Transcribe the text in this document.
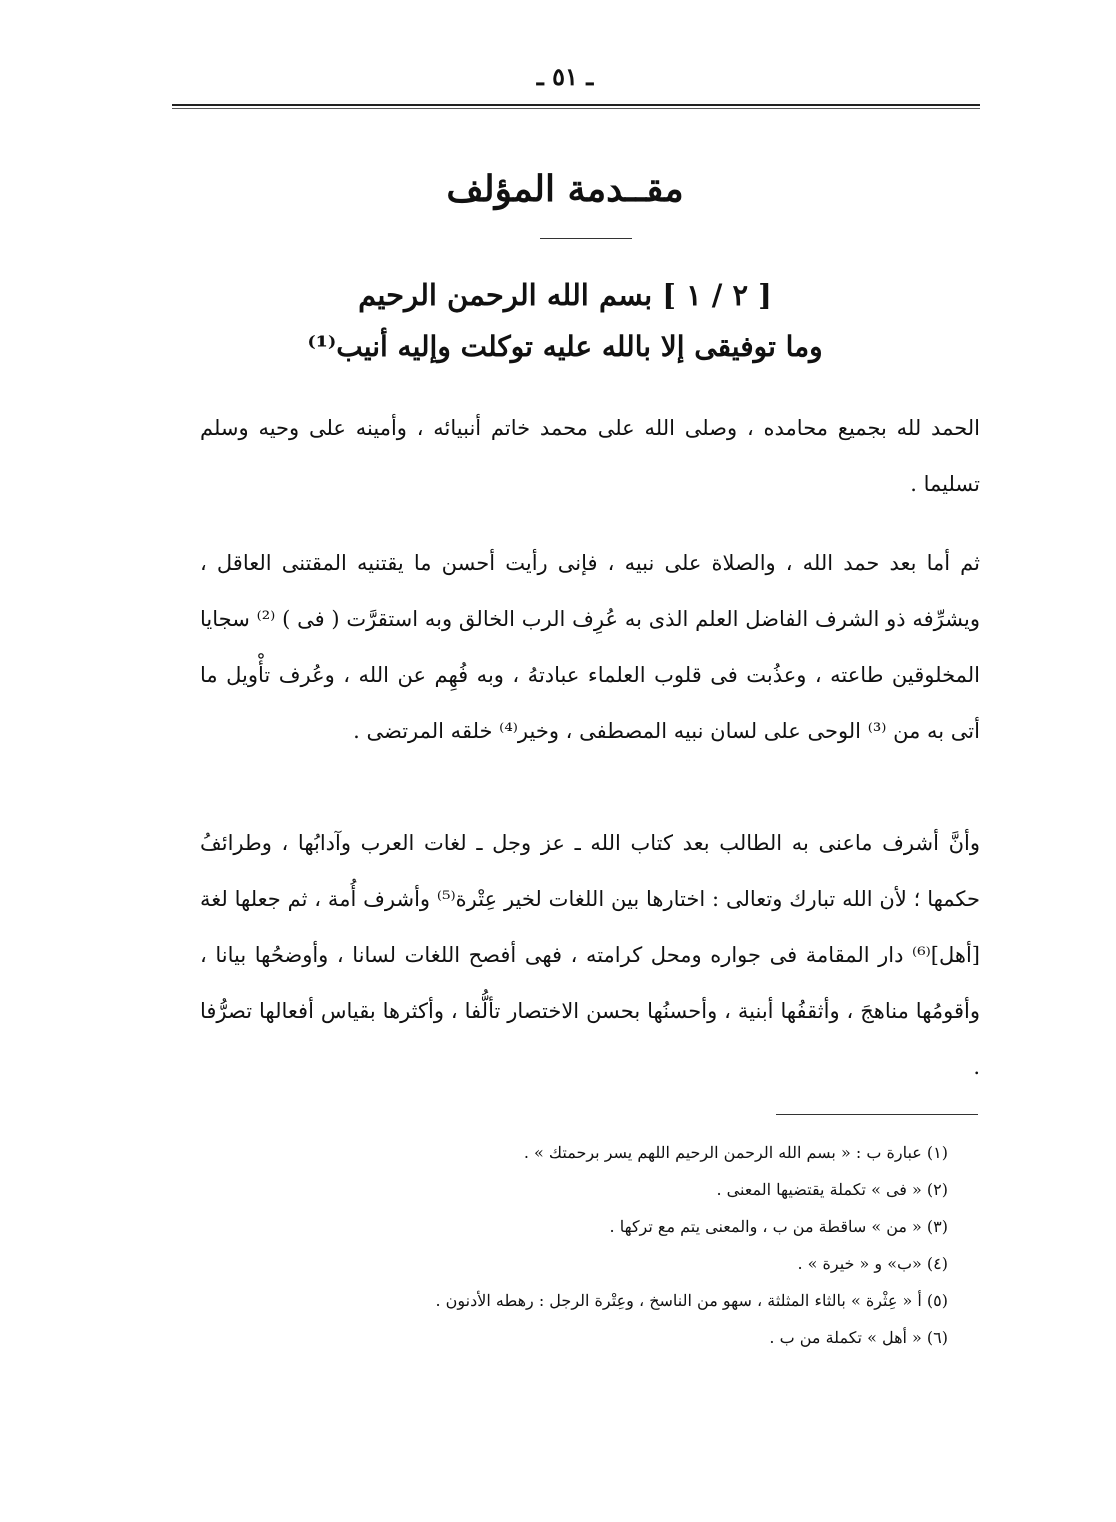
ـ ٥١ ـ
مقــدمة المؤلف
[ ٢ / ١ ] بسم الله الرحمن الرحيم
وما توفيقى إلا بالله عليه توكلت وإليه أنيب⁽¹⁾

الحمد لله بجميع محامده ، وصلى الله على محمد خاتم أنبيائه ، وأمينه على وحيه وسلم تسليما .

ثم أما بعد حمد الله ، والصلاة على نبيه ، فإنى رأيت أحسن ما يقتنيه المقتنى العاقل ، ويشرِّفه ذو الشرف الفاضل العلم الذى به عُرِف الرب الخالق وبه استقرَّت ( فى ) ⁽²⁾ سجايا المخلوقين طاعته ، وعذُبت فى قلوب العلماء عبادتهُ ، وبه فُهِم عن الله ، وعُرف تأْويل ما أتى به من ⁽³⁾ الوحى على لسان نبيه المصطفى ، وخير⁽⁴⁾ خلقه المرتضى .

وأنَّ أشرف ماعنى به الطالب بعد كتاب الله ـ عز وجل ـ لغات العرب وآدابُها ، وطرائفُ حكمها ؛ لأن الله تبارك وتعالى : اختارها بين اللغات لخير عِتْرة⁽⁵⁾ وأشرف أُمة ، ثم جعلها لغة [أهل]⁽⁶⁾ دار المقامة فى جواره ومحل كرامته ، فهى أفصح اللغات لسانا ، وأوضحُها بيانا ، وأقومُها مناهجَ ، وأثقفُها أبنية ، وأحسنُها بحسن الاختصار تألُّفا ، وأكثرها بقياس أفعالها تصرُّفا .

(١) عبارة ب : « بسم الله الرحمن الرحيم اللهم يسر برحمتك » .
(٢) « فى » تكملة يقتضيها المعنى .
(٣) « من » ساقطة من ب ، والمعنى يتم مع تركها .
(٤) «ب» و « خيرة » .
(٥) أ « عِثْرة » بالثاء المثلثة ، سهو من الناسخ ، وعِتْرة الرجل : رهطه الأدنون .
(٦) « أهل » تكملة من ب .
